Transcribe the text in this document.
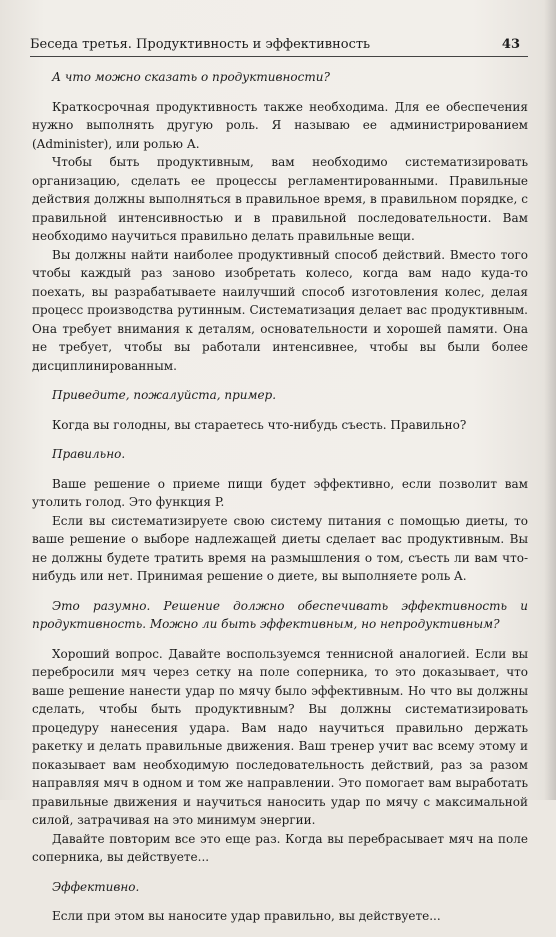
Беседа третья. Продуктивность и эффективность	43

А что можно сказать о продуктивности?

Краткосрочная продуктивность также необходима. Для ее обеспечения нужно выполнять другую роль. Я называю ее администрированием (Administer), или ролью А.

Чтобы быть продуктивным, вам необходимо систематизировать организацию, сделать ее процессы регламентированными. Правильные действия должны выполняться в правильное время, в правильном порядке, с правильной интенсивностью и в правильной последовательности. Вам необходимо научиться правильно делать правильные вещи.

Вы должны найти наиболее продуктивный способ действий. Вместо того чтобы каждый раз заново изобретать колесо, когда вам надо куда-то поехать, вы разрабатываете наилучший способ изготовления колес, делая процесс производства рутинным. Систематизация делает вас продуктивным. Она требует внимания к деталям, основательности и хорошей памяти. Она не требует, чтобы вы работали интенсивнее, чтобы вы были более дисциплинированным.

Приведите, пожалуйста, пример.

Когда вы голодны, вы стараетесь что-нибудь съесть. Правильно?

Правильно.

Ваше решение о приеме пищи будет эффективно, если позволит вам утолить голод. Это функция P.

Если вы систематизируете свою систему питания с помощью диеты, то ваше решение о выборе надлежащей диеты сделает вас продуктивным. Вы не должны будете тратить время на размышления о том, съесть ли вам что-нибудь или нет. Принимая решение о диете, вы выполняете роль A.

Это разумно. Решение должно обеспечивать эффективность и продуктивность. Можно ли быть эффективным, но непродуктивным?

Хороший вопрос. Давайте воспользуемся теннисной аналогией. Если вы перебросили мяч через сетку на поле соперника, то это доказывает, что ваше решение нанести удар по мячу было эффективным. Но что вы должны сделать, чтобы быть продуктивным? Вы должны систематизировать процедуру нанесения удара. Вам надо научиться правильно держать ракетку и делать правильные движения. Ваш тренер учит вас всему этому и показывает вам необходимую последовательность действий, раз за разом направляя мяч в одном и том же направлении. Это помогает вам выработать правильные движения и научиться наносить удар по мячу с максимальной силой, затрачивая на это минимум энергии.

Давайте повторим все это еще раз. Когда вы перебрасывает мяч на поле соперника, вы действуете...

Эффективно.

Если при этом вы наносите удар правильно, вы действуете...
